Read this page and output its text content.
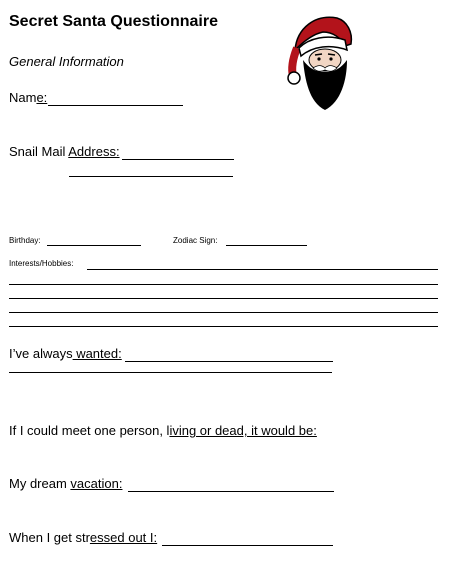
Secret Santa Questionnaire
General Information
Name:
Snail Mail Address:
Birthday:	Zodiac Sign:
Interests/Hobbies:
I’ve always wanted:
If I could meet one person, living or dead, it would be:
My dream vacation:
When I get stressed out I:
